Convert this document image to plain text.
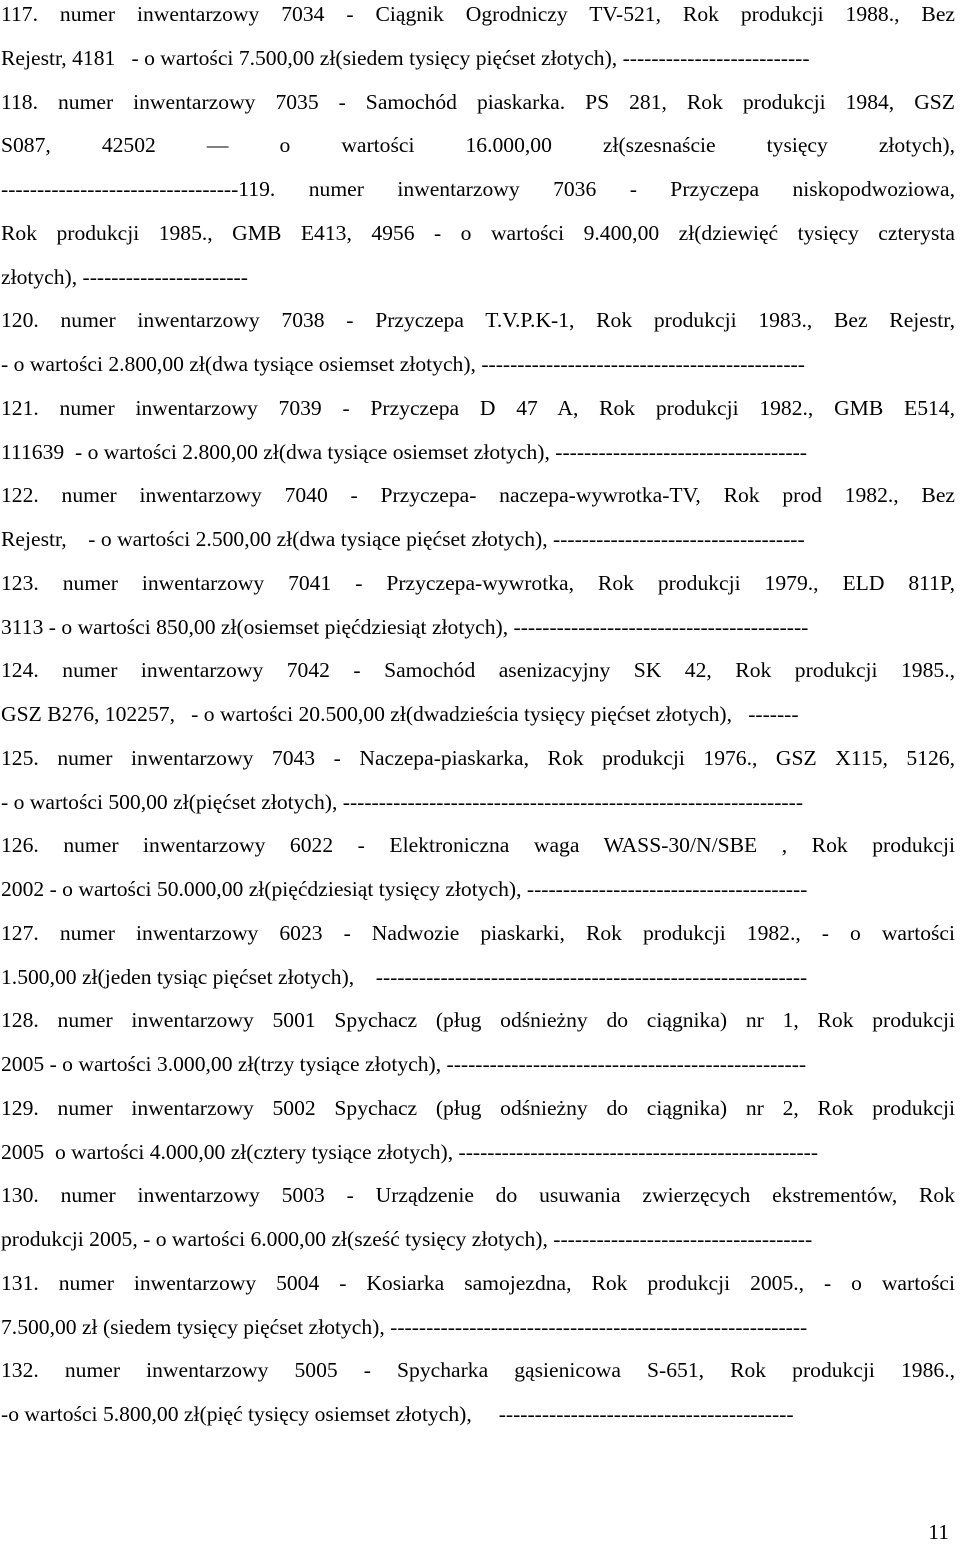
117. numer inwentarzowy 7034 - Ciągnik Ogrodniczy TV-521, Rok produkcji 1988., Bez
Rejestr, 4181   - o wartości 7.500,00 zł(siedem tysięcy pięćset złotych), --------------------------
118. numer inwentarzowy 7035 - Samochód piaskarka. PS 281, Rok produkcji 1984, GSZ
S087, 42502 — o wartości 16.000,00 zł(szesnaście tysięcy złotych),
---------------------------------119. numer inwentarzowy 7036 - Przyczepa niskopodwoziowa,
Rok produkcji 1985., GMB E413, 4956 - o wartości 9.400,00 zł(dziewięć tysięcy czterysta
złotych), -----------------------
120. numer inwentarzowy 7038 - Przyczepa T.V.P.K-1, Rok produkcji 1983., Bez Rejestr,
- o wartości 2.800,00 zł(dwa tysiące osiemset złotych), ---------------------------------------------
121. numer inwentarzowy 7039 - Przyczepa D 47 A, Rok produkcji 1982., GMB E514,
111639  - o wartości 2.800,00 zł(dwa tysiące osiemset złotych), -----------------------------------
122. numer inwentarzowy 7040 - Przyczepa- naczepa-wywrotka-TV, Rok prod 1982., Bez
Rejestr,    - o wartości 2.500,00 zł(dwa tysiące pięćset złotych), -----------------------------------
123. numer inwentarzowy 7041 - Przyczepa-wywrotka, Rok produkcji 1979., ELD 811P,
3113 - o wartości 850,00 zł(osiemset pięćdziesiąt złotych), -----------------------------------------
124. numer inwentarzowy 7042 - Samochód asenizacyjny SK 42, Rok produkcji 1985.,
GSZ B276, 102257,   - o wartości 20.500,00 zł(dwadzieścia tysięcy pięćset złotych),   -------
125. numer inwentarzowy 7043 - Naczepa-piaskarka, Rok produkcji 1976., GSZ X115, 5126,
- o wartości 500,00 zł(pięćset złotych), ----------------------------------------------------------------
126. numer inwentarzowy 6022 - Elektroniczna waga WASS-30/N/SBE , Rok produkcji
2002 - o wartości 50.000,00 zł(pięćdziesiąt tysięcy złotych), ---------------------------------------
127. numer inwentarzowy 6023 - Nadwozie piaskarki, Rok produkcji 1982., - o wartości
1.500,00 zł(jeden tysiąc pięćset złotych),    ------------------------------------------------------------
128. numer inwentarzowy 5001 Spychacz (pług odśnieżny do ciągnika) nr 1, Rok produkcji
2005 - o wartości 3.000,00 zł(trzy tysiące złotych), --------------------------------------------------
129. numer inwentarzowy 5002 Spychacz (pług odśnieżny do ciągnika) nr 2, Rok produkcji
2005  o wartości 4.000,00 zł(cztery tysiące złotych), --------------------------------------------------
130. numer inwentarzowy 5003 - Urządzenie do usuwania zwierzęcych ekstrementów, Rok
produkcji 2005, - o wartości 6.000,00 zł(sześć tysięcy złotych), ------------------------------------
131. numer inwentarzowy 5004 - Kosiarka samojezdna, Rok produkcji 2005., - o wartości
7.500,00 zł (siedem tysięcy pięćset złotych), ----------------------------------------------------------
132. numer inwentarzowy 5005 - Spycharka gąsienicowa S-651, Rok produkcji 1986.,
-o wartości 5.800,00 zł(pięć tysięcy osiemset złotych),     -----------------------------------------
11
